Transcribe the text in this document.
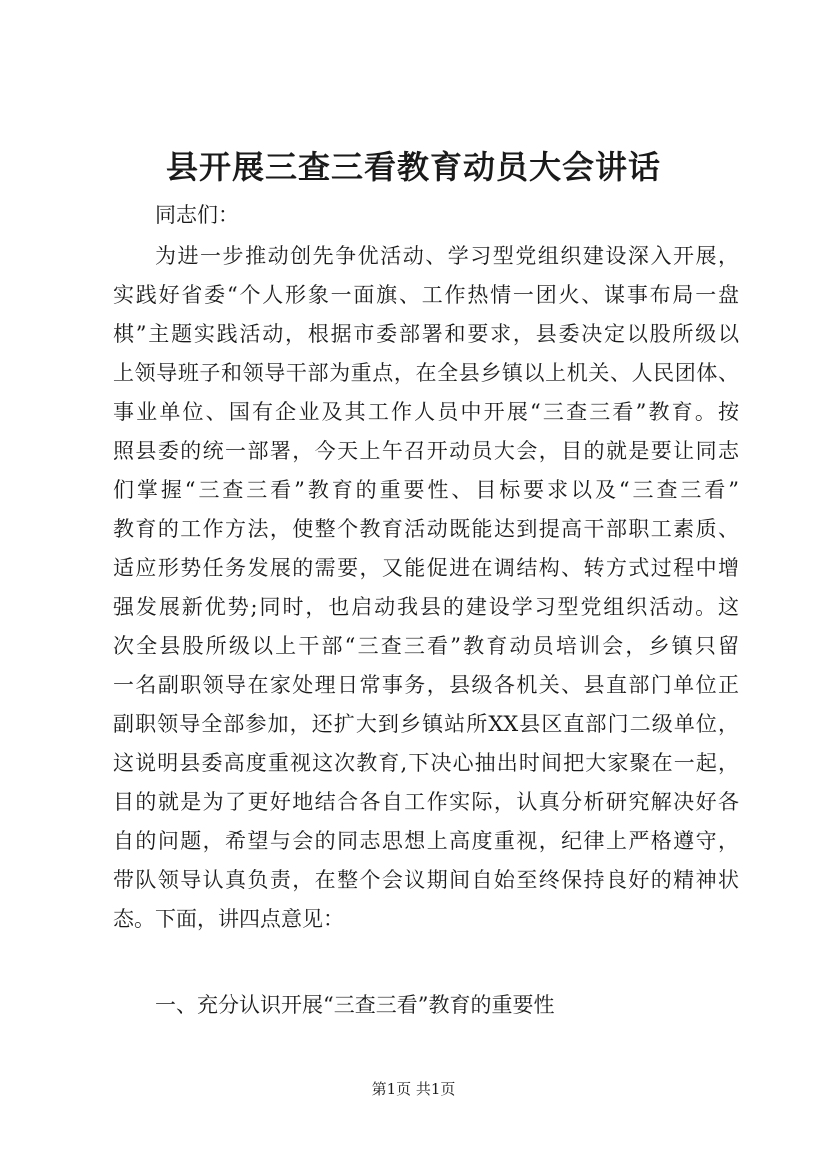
县开展三查三看教育动员大会讲话
同志们：
为进一步推动创先争优活动、学习型党组织建设深入开展，
实践好省委“个人形象一面旗、工作热情一团火、谋事布局一盘
棋”主题实践活动，根据市委部署和要求，县委决定以股所级以
上领导班子和领导干部为重点，在全县乡镇以上机关、人民团体、
事业单位、国有企业及其工作人员中开展“三查三看”教育。按
照县委的统一部署，今天上午召开动员大会，目的就是要让同志
们掌握“三查三看”教育的重要性、目标要求以及“三查三看”
教育的工作方法，使整个教育活动既能达到提高干部职工素质、
适应形势任务发展的需要，又能促进在调结构、转方式过程中增
强发展新优势;同时，也启动我县的建设学习型党组织活动。这
次全县股所级以上干部“三查三看”教育动员培训会，乡镇只留
一名副职领导在家处理日常事务，县级各机关、县直部门单位正
副职领导全部参加，还扩大到乡镇站所XX县区直部门二级单位，
这说明县委高度重视这次教育,下决心抽出时间把大家聚在一起，
目的就是为了更好地结合各自工作实际，认真分析研究解决好各
自的问题，希望与会的同志思想上高度重视，纪律上严格遵守，
带队领导认真负责，在整个会议期间自始至终保持良好的精神状
态。下面，讲四点意见：
一、充分认识开展“三查三看”教育的重要性
第1页 共1页
